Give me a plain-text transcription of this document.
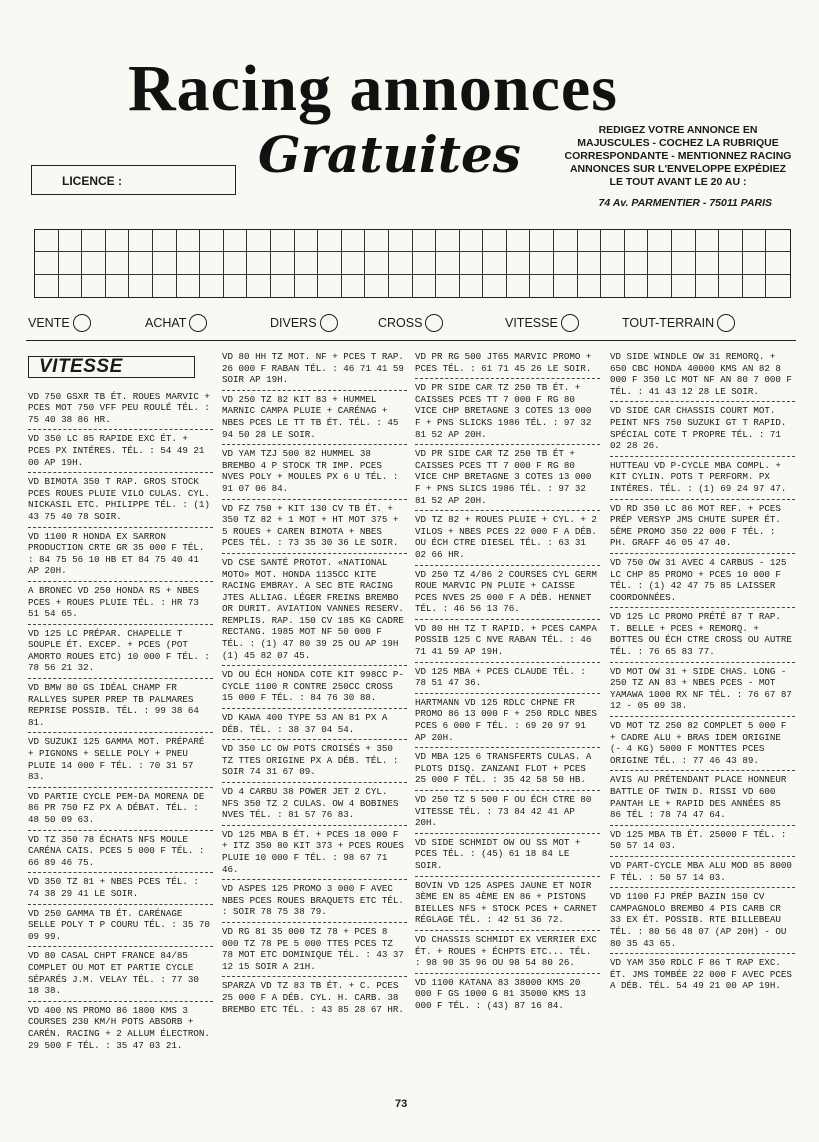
Racing annonces
Gratuites	REDIGEZ VOTRE ANNONCE EN MAJUSCULES - COCHEZ LA RUBRIQUE CORRESPONDANTE - MENTIONNEZ RACING ANNONCES SUR L'ENVELOPPE EXPÉDIEZ LE TOUT AVANT LE 20 AU :
74 Av. PARMENTIER - 75011 PARIS
LICENCE :
VENTE	ACHAT	DIVERS	CROSS	VITESSE	TOUT-TERRAIN
VITESSE

VD 750 GSXR TB ÉT. ROUES MARVIC + PCES MOT 750 VFF PEU ROULÉ TÉL. : 75 40 38 86 HR.

VD 350 LC 85 RAPIDE EXC ÉT. + PCES PX INTÉRES. TÉL. : 54 49 21 00 AP 19H.

VD BIMOTA 350 T RAP. GROS STOCK PCES ROUES PLUIE VILO CULAS. CYL. NICKASIL ETC. PHILIPPE TÉL. : (1) 43 75 40 78 SOIR.

VD 1100 R HONDA EX SARRON PRODUCTION CRTE GR 35 000 F TÉL. : 84 75 56 10 HB ET 84 75 40 41 AP 20H.

A BRONEC VD 250 HONDA RS + NBES PCES + ROUES PLUIE TÉL. : HR 73 51 54 65.

VD 125 LC PRÉPAR. CHAPELLE T SOUPLE ÉT. EXCEP. + PCES (POT AMORTO ROUES ETC) 10 000 F TÉL. : 78 56 21 32.

VD BMW 80 GS IDÉAL CHAMP FR RALLYES SUPER PREP TB PALMARES REPRISE POSSIB. TÉL. : 99 38 64 81.

VD SUZUKI 125 GAMMA MOT. PRÉPARÉ + PIGNONS + SELLE POLY + PNEU PLUIE 14 000 F TÉL. : 70 31 57 83.

VD PARTIE CYCLE PEM-DA MORENA DE 86 PR 750 FZ PX A DÉBAT. TÉL. : 48 50 09 63.

VD TZ 350 78 ÉCHATS NFS MOULE CARÉNA CAIS. PCES 5 000 F TÉL. : 66 89 46 75.

VD 350 TZ 81 + NBES PCES TÉL. : 74 38 29 41 LE SOIR.

VD 250 GAMMA TB ÉT. CARÉNAGE SELLE POLY T P COURU TÉL. : 35 70 09 99.

VD 80 CASAL CHPT FRANCE 84/85 COMPLET OU MOT ET PARTIE CYCLE SÉPARÉS J.M. VELAY TÉL. : 77 30 18 38.

VD 400 NS PROMO 86 1800 KMS 3 COURSES 230 KM/H POTS ABSORB + CARÉN. RACING + 2 ALLUM ÉLECTRON. 29 500 F TÉL. : 35 47 03 21.

VD 80 HH TZ MOT. NF + PCES T RAP. 26 000 F RABAN TÉL. : 46 71 41 59 SOIR AP 19H.

VD 250 TZ 82 KIT 83 + HUMMEL MARNIC CAMPA PLUIE + CARÉNAG + NBES PCES LE TT TB ÉT. TÉL. : 45 94 50 28 LE SOIR.

VD YAM TZJ 500 82 HUMMEL 38 BREMBO 4 P STOCK TR IMP. PCES NVES POLY + MOULES PX 6 U TÉL. : 91 07 06 84.

VD FZ 750 + KIT 130 CV TB ÉT. + 350 TZ 82 + 1 MOT + HT MOT 375 + 5 ROUES + CAREN BIMOTA + NBES PCES TÉL. : 73 35 30 36 LE SOIR.

VD CSE SANTÉ PROTOT. «NATIONAL MOTO» MOT. HONDA 1135CC KITE RACING EMBRAY. A SEC BTE RACING JTES ALLIAG. LÉGER FREINS BREMBO OR DURIT. AVIATION VANNES RESERV. REMPLIS. RAP. 150 CV 185 KG CADRE RECTANG. 1985 MOT NF 50 000 F TÉL. : (1) 47 80 39 25 OU AP 19H (1) 45 82 07 45.

VD OU ÉCH HONDA COTE KIT 998CC P-CYCLE 1100 R CONTRE 250CC CROSS 15 000 F TÉL. : 84 76 30 88.

VD KAWA 400 TYPE 53 AN 81 PX A DÉB. TÉL. : 38 37 04 54.

VD 350 LC OW POTS CROISÉS + 350 TZ TTES ORIGINE PX A DÉB. TÉL. : SOIR 74 31 67 09.

VD 4 CARBU 38 POWER JET 2 CYL. NFS 350 TZ 2 CULAS. OW 4 BOBINES NVES TÉL. : 81 57 76 83.

VD 125 MBA B ÉT. + PCES 18 000 F + ITZ 350 80 KIT 373 + PCES ROUES PLUIE 10 000 F TÉL. : 98 67 71 46.

VD ASPES 125 PROMO 3 000 F AVEC NBES PCES ROUES BRAQUETS ETC TÉL. : SOIR 78 75 38 79.

VD RG 81 35 000 TZ 78 + PCES 8 000 TZ 78 PE 5 000 TTES PCES TZ 78 MOT ETC DOMINIQUE TÉL. : 43 37 12 15 SOIR A 21H.

SPARZA VD TZ 83 TB ÉT. + C. PCES 25 000 F A DÉB. CYL. H. CARB. 38 BREMBO ETC TÉL. : 43 85 28 67 HR.

VD PR RG 500 JT65 MARVIC PROMO + PCES TÉL. : 61 71 45 26 LE SOIR.

VD PR SIDE CAR TZ 250 TB ÉT. + CAISSES PCES TT 7 000 F RG 80 VICE CHP BRETAGNE 3 COTES 13 000 F + PNS SLICKS 1986 TÉL. : 97 32 81 52 AP 20H.

VD PR SIDE CAR TZ 250 TB ÉT + CAISSES PCES TT 7 000 F RG 80 VICE CHP BRETAGNE 3 COTES 13 000 F + PNS SLICS 1986 TÉL. : 97 32 81 52 AP 20H.

VD TZ 82 + ROUES PLUIE + CYL. + 2 VILOS + NBES PCES 22 000 F A DÉB. OU ÉCH CTRE DIESEL TÉL. : 63 31 02 66 HR.

VD 250 TZ 4/86 2 COURSES CYL GERM ROUE MARVIC PN PLUIE + CAISSE PCES NVES 25 000 F A DÉB. HENNET TÉL. : 46 56 13 76.

VD 80 HH TZ T RAPID. + PCES CAMPA POSSIB 125 C NVE RABAN TÉL. : 46 71 41 59 AP 19H.

VD 125 MBA + PCES CLAUDE TÉL. : 78 51 47 36.

HARTMANN VD 125 RDLC CHPNE FR PROMO 86 13 000 F + 250 RDLC NBES PCES 6 000 F TÉL. : 69 20 97 91 AP 20H.

VD MBA 125 6 TRANSFERTS CULAS. A PLOTS DISQ. ZANZANI FLOT + PCES 25 000 F TÉL. : 35 42 58 50 HB.

VD 250 TZ 5 500 F OU ÉCH CTRE 80 VITESSE TÉL. : 73 84 42 41 AP 20H.

VD SIDE SCHMIDT OW OU SS MOT + PCES TÉL. : (45) 61 18 84 LE SOIR.

BOVIN VD 125 ASPES JAUNE ET NOIR 3ÈME EN 85 4ÈME EN 86 + PISTONS BIELLES NFS + STOCK PCES + CARNET RÉGLAGE TÉL. : 42 51 36 72.

VD CHASSIS SCHMIDT EX VERRIER EXC ÉT. + ROUES + ÉCHPTS ETC... TÉL. : 98 90 35 96 OU 98 54 80 26.

VD 1100 KATANA 83 38000 KMS 20 000 F GS 1000 G 81 35000 KMS 13 000 F TÉL. : (43) 87 16 84.

VD SIDE WINDLE OW 31 REMORQ. + 650 CBC HONDA 40000 KMS AN 82 8 000 F 350 LC MOT NF AN 80 7 000 F TÉL. : 41 43 12 28 LE SOIR.

VD SIDE CAR CHASSIS COURT MOT. PEINT NFS 750 SUZUKI GT T RAPID. SPÉCIAL COTE T PROPRE TÉL. : 71 02 28 26.

HUTTEAU VD P-CYCLE MBA COMPL. + KIT CYLIN. POTS T PERFORM. PX INTÉRES. TÉL. : (1) 69 24 97 47.

VD RD 350 LC 86 MOT REF. + PCES PRÉP VERSYP JMS CHUTE SUPER ÉT. 5ÈME PROMO 350 22 000 F TÉL. : PH. GRAFF 46 05 47 40.

VD 750 OW 31 AVEC 4 CARBUS - 125 LC CHP 85 PROMO + PCES 10 000 F TÉL. : (1) 42 47 75 85 LAISSER COORDONNÉES.

VD 125 LC PROMO PRÉTÉ 87 T RAP. T. BELLE + PCES + REMORQ. + BOTTES OU ÉCH CTRE CROSS OU AUTRE TÉL. : 76 65 83 77.

VD MOT OW 31 + SIDE CHAS. LONG - 250 TZ AN 83 + NBES PCES - MOT YAMAWA 1000 RX NF TÉL. : 76 67 87 12 - 05 09 38.

VD MOT TZ 250 82 COMPLET 5 000 F + CADRE ALU + BRAS IDEM ORIGINE (- 4 KG) 5000 F MONTTES PCES ORIGINE TÉL. : 77 46 43 89.

AVIS AU PRÉTENDANT PLACE HONNEUR BATTLE OF TWIN D. RISSI VD 600 PANTAH LE + RAPID DES ANNÉES 85 86 TÉL : 78 74 47 64.

VD 125 MBA TB ÉT. 25000 F TÉL. : 50 57 14 03.

VD PART-CYCLE MBA ALU MOD 85 8000 F TÉL. : 50 57 14 03.

VD 1100 FJ PRÉP BAZIN 150 CV CAMPAGNOLO BREMBO 4 PIS CARB CR 33 EX ÉT. POSSIB. RTE BILLEBEAU TÉL. : 80 56 48 07 (AP 20H) - OU 80 35 43 65.

VD YAM 350 RDLC F 86 T RAP EXC. ÉT. JMS TOMBÉE 22 000 F AVEC PCES A DÉB. TÉL. 54 49 21 00 AP 19H.

73
